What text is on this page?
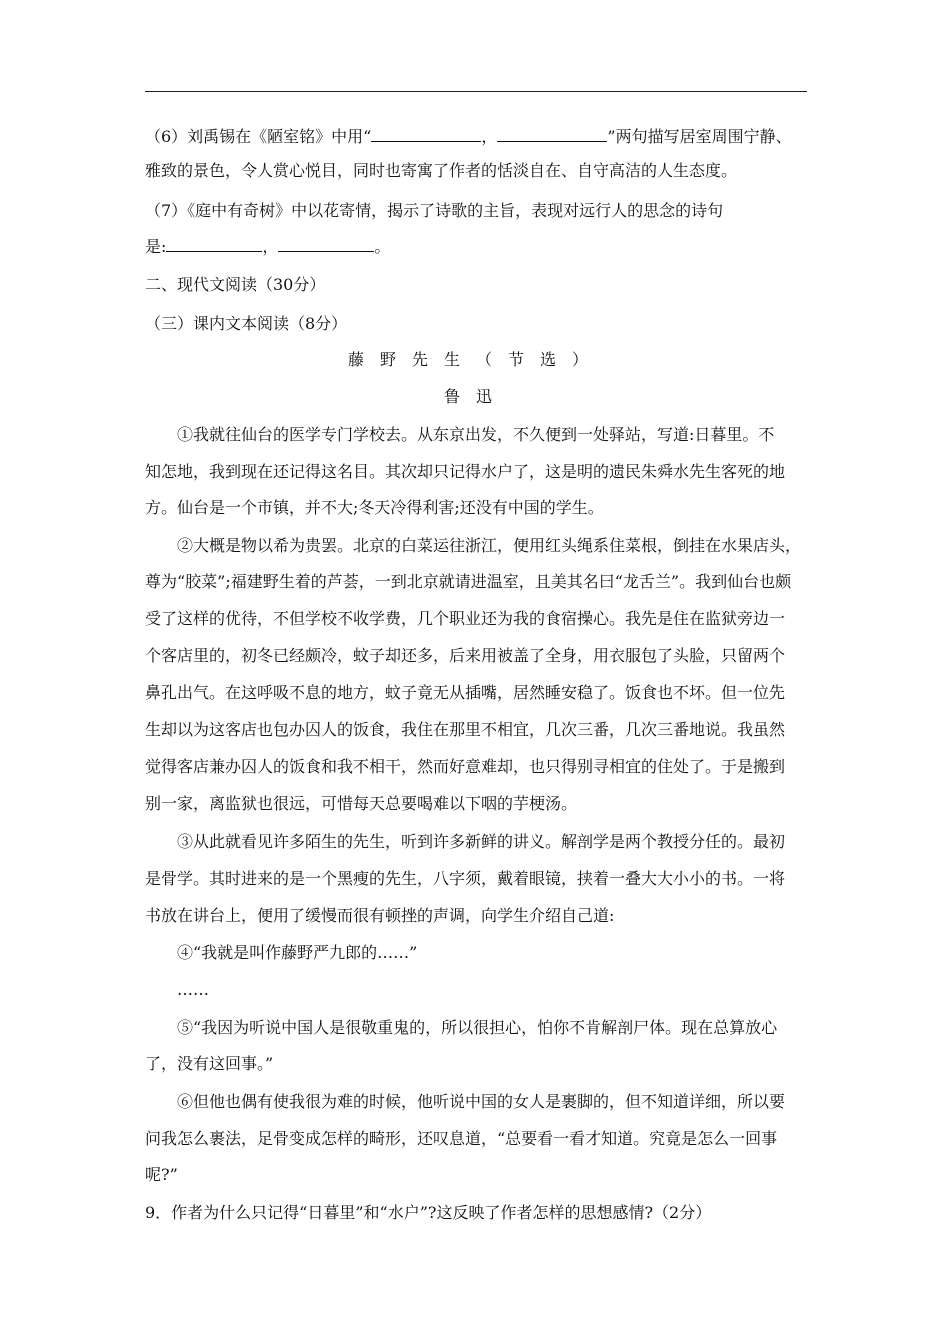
（6）刘禹锡在《陋室铭》中用“	，	”两句描写居室周围宁静、
雅致的景色，令人赏心悦目，同时也寄寓了作者的恬淡自在、自守高洁的人生态度。
（7）《庭中有奇树》中以花寄情，揭示了诗歌的主旨，表现对远行人的思念的诗句
是:	，	。
二、现代文阅读（30分）
（三）课内文本阅读（8分）
藤野先生（节选）
鲁迅
①我就往仙台的医学专门学校去。从东京出发，不久便到一处驿站，写道:日暮里。不
知怎地，我到现在还记得这名目。其次却只记得水户了，这是明的遗民朱舜水先生客死的地
方。仙台是一个市镇，并不大;冬天冷得利害;还没有中国的学生。
②大概是物以希为贵罢。北京的白菜运往浙江，便用红头绳系住菜根，倒挂在水果店头，
尊为“胶菜”;福建野生着的芦荟，一到北京就请进温室，且美其名曰“龙舌兰”。我到仙台也颇
受了这样的优待，不但学校不收学费，几个职业还为我的食宿操心。我先是住在监狱旁边一
个客店里的，初冬已经颇冷，蚊子却还多，后来用被盖了全身，用衣服包了头脸，只留两个
鼻孔出气。在这呼吸不息的地方，蚊子竟无从插嘴，居然睡安稳了。饭食也不坏。但一位先
生却以为这客店也包办囚人的饭食，我住在那里不相宜，几次三番，几次三番地说。我虽然
觉得客店兼办囚人的饭食和我不相干，然而好意难却，也只得别寻相宜的住处了。于是搬到
别一家，离监狱也很远，可惜每天总要喝难以下咽的芋梗汤。
③从此就看见许多陌生的先生，听到许多新鲜的讲义。解剖学是两个教授分任的。最初
是骨学。其时进来的是一个黑瘦的先生，八字须，戴着眼镜，挟着一叠大大小小的书。一将
书放在讲台上，便用了缓慢而很有顿挫的声调，向学生介绍自己道:
④“我就是叫作藤野严九郎的……”
……
⑤“我因为听说中国人是很敬重鬼的，所以很担心，怕你不肯解剖尸体。现在总算放心
了，没有这回事。”
⑥但他也偶有使我很为难的时候，他听说中国的女人是裹脚的，但不知道详细，所以要
问我怎么裹法，足骨变成怎样的畸形，还叹息道，“总要看一看才知道。究竟是怎么一回事
呢?”
9．作者为什么只记得“日暮里”和“水户”?这反映了作者怎样的思想感情?（2分）
